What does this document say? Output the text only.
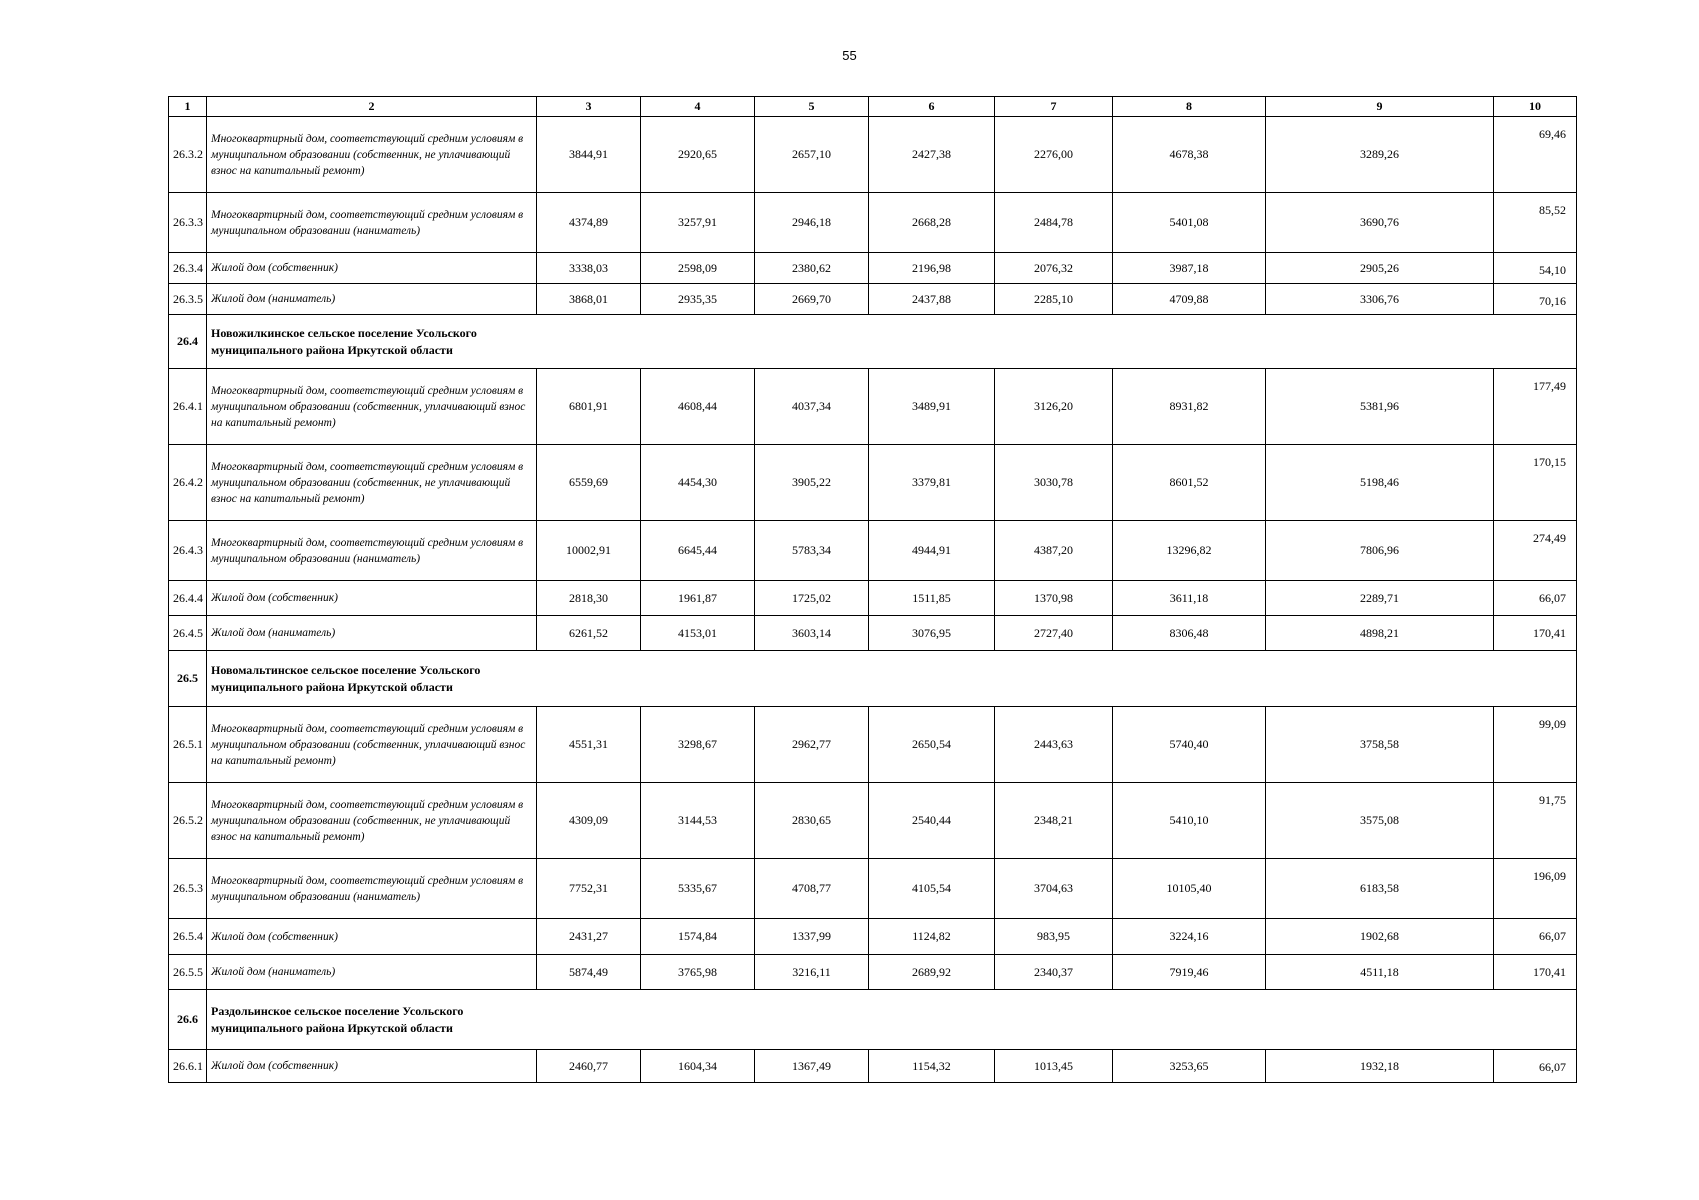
55
1	2	3	4	5	6	7	8	9	10
26.3.2	Многоквартирный дом, соответствующий средним условиям в муниципальном образовании (собственник, не уплачивающий взнос на капитальный ремонт)	3844,91	2920,65	2657,10	2427,38	2276,00	4678,38	3289,26	69,46
26.3.3	Многоквартирный дом, соответствующий средним условиям в муниципальном образовании (наниматель)	4374,89	3257,91	2946,18	2668,28	2484,78	5401,08	3690,76	85,52
26.3.4	Жилой дом (собственник)	3338,03	2598,09	2380,62	2196,98	2076,32	3987,18	2905,26	54,10
26.3.5	Жилой дом (наниматель)	3868,01	2935,35	2669,70	2437,88	2285,10	4709,88	3306,76	70,16
26.4	Новожилкинское сельское поселение Усольского муниципального района Иркутской области								

26.4.1	Многоквартирный дом, соответствующий средним условиям в муниципальном образовании (собственник, уплачивающий взнос на капитальный ремонт)	6801,91	4608,44	4037,34	3489,91	3126,20	8931,82	5381,96	177,49
26.4.2	Многоквартирный дом, соответствующий средним условиям в муниципальном образовании (собственник, не уплачивающий взнос на капитальный ремонт)	6559,69	4454,30	3905,22	3379,81	3030,78	8601,52	5198,46	170,15
26.4.3	Многоквартирный дом, соответствующий средним условиям в муниципальном образовании (наниматель)	10002,91	6645,44	5783,34	4944,91	4387,20	13296,82	7806,96	274,49
26.4.4	Жилой дом (собственник)	2818,30	1961,87	1725,02	1511,85	1370,98	3611,18	2289,71	66,07
26.4.5	Жилой дом (наниматель)	6261,52	4153,01	3603,14	3076,95	2727,40	8306,48	4898,21	170,41
26.5	Новомальтинское сельское поселение Усольского муниципального района Иркутской области								

26.5.1	Многоквартирный дом, соответствующий средним условиям в муниципальном образовании (собственник, уплачивающий взнос на капитальный ремонт)	4551,31	3298,67	2962,77	2650,54	2443,63	5740,40	3758,58	99,09
26.5.2	Многоквартирный дом, соответствующий средним условиям в муниципальном образовании (собственник, не уплачивающий взнос на капитальный ремонт)	4309,09	3144,53	2830,65	2540,44	2348,21	5410,10	3575,08	91,75
26.5.3	Многоквартирный дом, соответствующий средним условиям в муниципальном образовании (наниматель)	7752,31	5335,67	4708,77	4105,54	3704,63	10105,40	6183,58	196,09
26.5.4	Жилой дом (собственник)	2431,27	1574,84	1337,99	1124,82	983,95	3224,16	1902,68	66,07
26.5.5	Жилой дом (наниматель)	5874,49	3765,98	3216,11	2689,92	2340,37	7919,46	4511,18	170,41
26.6	Раздольинское сельское поселение Усольского муниципального района Иркутской области								

26.6.1	Жилой дом (собственник)	2460,77	1604,34	1367,49	1154,32	1013,45	3253,65	1932,18	66,07
